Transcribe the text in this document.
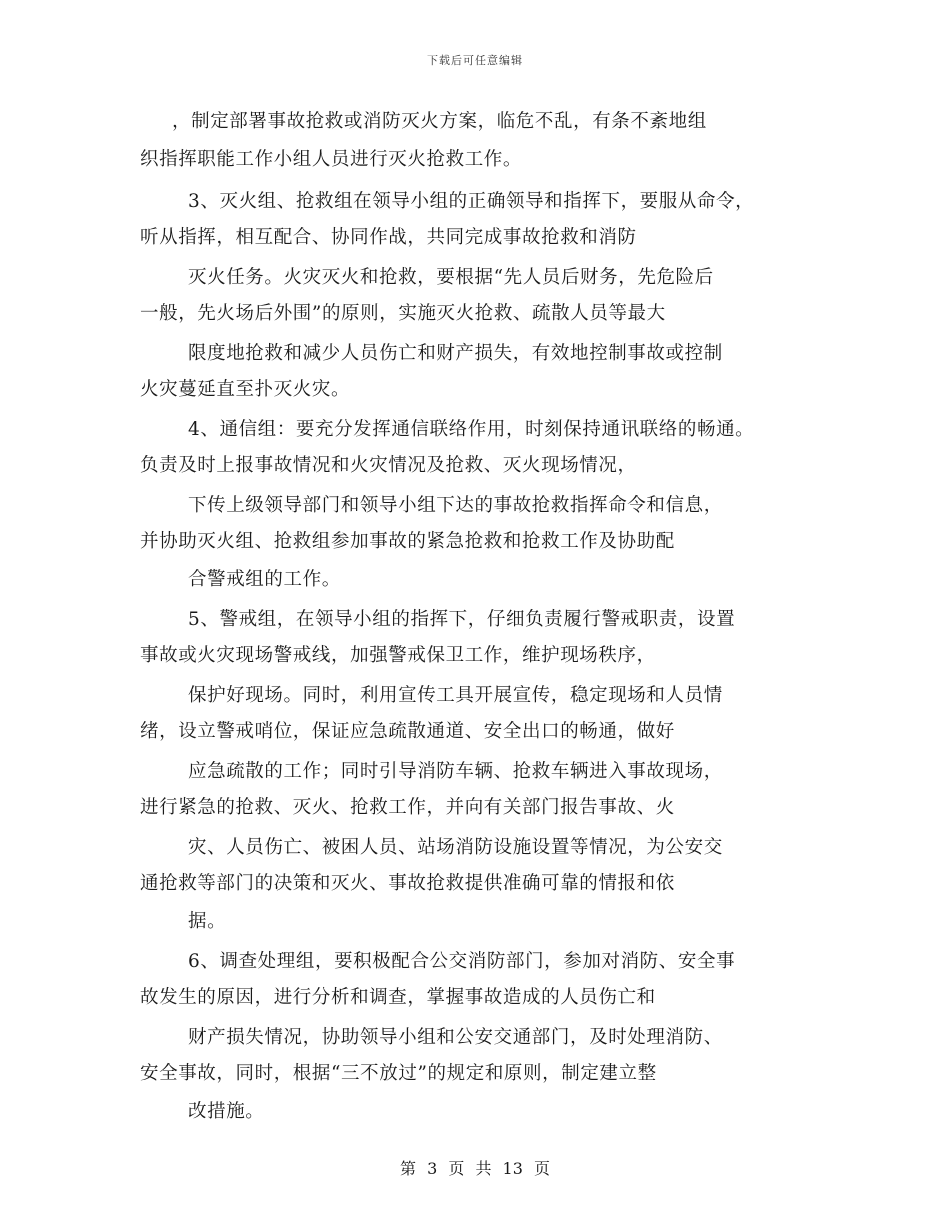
下载后可任意编辑
，制定部署事故抢救或消防灭火方案，临危不乱，有条不紊地组
织指挥职能工作小组人员进行灭火抢救工作。
3、灭火组、抢救组在领导小组的正确领导和指挥下，要服从命令，
听从指挥，相互配合、协同作战，共同完成事故抢救和消防
灭火任务。火灾灭火和抢救，要根据“先人员后财务，先危险后
一般，先火场后外围”的原则，实施灭火抢救、疏散人员等最大
限度地抢救和减少人员伤亡和财产损失，有效地控制事故或控制
火灾蔓延直至扑灭火灾。
4、通信组：要充分发挥通信联络作用，时刻保持通讯联络的畅通。
负责及时上报事故情况和火灾情况及抢救、灭火现场情况，
下传上级领导部门和领导小组下达的事故抢救指挥命令和信息，
并协助灭火组、抢救组参加事故的紧急抢救和抢救工作及协助配
合警戒组的工作。
5、警戒组，在领导小组的指挥下，仔细负责履行警戒职责，设置
事故或火灾现场警戒线，加强警戒保卫工作，维护现场秩序，
保护好现场。同时，利用宣传工具开展宣传，稳定现场和人员情
绪，设立警戒哨位，保证应急疏散通道、安全出口的畅通，做好
应急疏散的工作；同时引导消防车辆、抢救车辆进入事故现场，
进行紧急的抢救、灭火、抢救工作，并向有关部门报告事故、火
灾、人员伤亡、被困人员、站场消防设施设置等情况，为公安交
通抢救等部门的决策和灭火、事故抢救提供准确可靠的情报和依
据。
6、调查处理组，要积极配合公交消防部门，参加对消防、安全事
故发生的原因，进行分析和调查，掌握事故造成的人员伤亡和
财产损失情况，协助领导小组和公安交通部门，及时处理消防、
安全事故，同时，根据“三不放过”的规定和原则，制定建立整
改措施。
第 3 页 共 13 页
